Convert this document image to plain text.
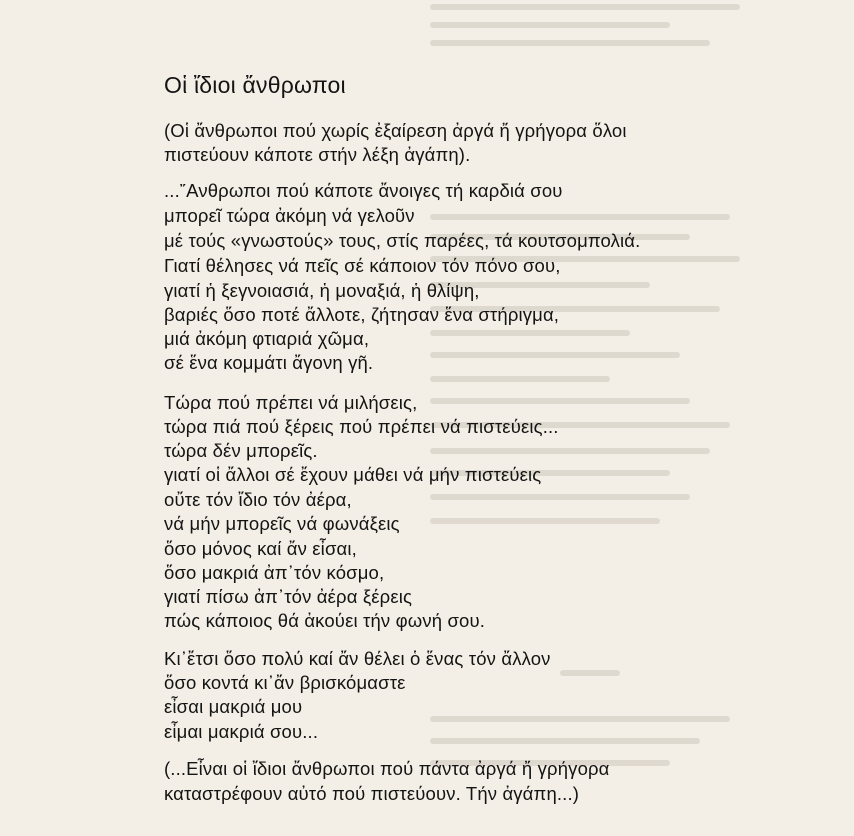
Οἱ ἴδιοι ἄνθρωποι

(Οἱ ἄνθρωποι πού χωρίς ἐξαίρεση ἀργά ἤ γρήγορα ὅλοι

πιστεύουν κάποτε στήν λέξη ἀγάπη).

...῎Ανθρωποι πού κάποτε ἄνοιγες τή καρδιά σου

μπορεῖ τώρα ἀκόμη νά γελοῦν

μέ τούς «γνωστούς» τους, στίς παρέες, τά κουτσομπολιά.

Γιατί θέλησες νά πεῖς σέ κάποιον τόν πόνο σου,

γιατί ἡ ξεγνοιασιά, ἡ μοναξιά, ἡ θλίψη,

βαριές ὅσο ποτέ ἄλλοτε, ζήτησαν ἕνα στήριγμα,

μιά ἀκόμη φτιαριά χῶμα,

σέ ἕνα κομμάτι ἄγονη γῆ.

Τώρα πού πρέπει νά μιλήσεις,

τώρα πιά πού ξέρεις πού πρέπει νά πιστεύεις...

τώρα δέν μπορεῖς.

γιατί οἱ ἄλλοι σέ ἔχουν μάθει νά μήν πιστεύεις

οὔτε τόν ἴδιο τόν ἀέρα,

νά μήν μπορεῖς νά φωνάξεις

ὅσο μόνος καί ἄν εἶσαι,

ὅσο μακριά ἀπ᾽τόν κόσμο,

γιατί πίσω ἀπ᾽τόν ἀέρα ξέρεις

πώς κάποιος θά ἀκούει τήν φωνή σου.

Κι᾽ἔτσι ὅσο πολύ καί ἄν θέλει ὁ ἕνας τόν ἄλλον

ὅσο κοντά κι᾽ἄν βρισκόμαστε

εἶσαι μακριά μου

εἶμαι μακριά σου...

(...Εἶναι οἱ ἴδιοι ἄνθρωποι πού πάντα ἀργά ἤ γρήγορα

καταστρέφουν αὐτό πού πιστεύουν. Τήν ἀγάπη...)
